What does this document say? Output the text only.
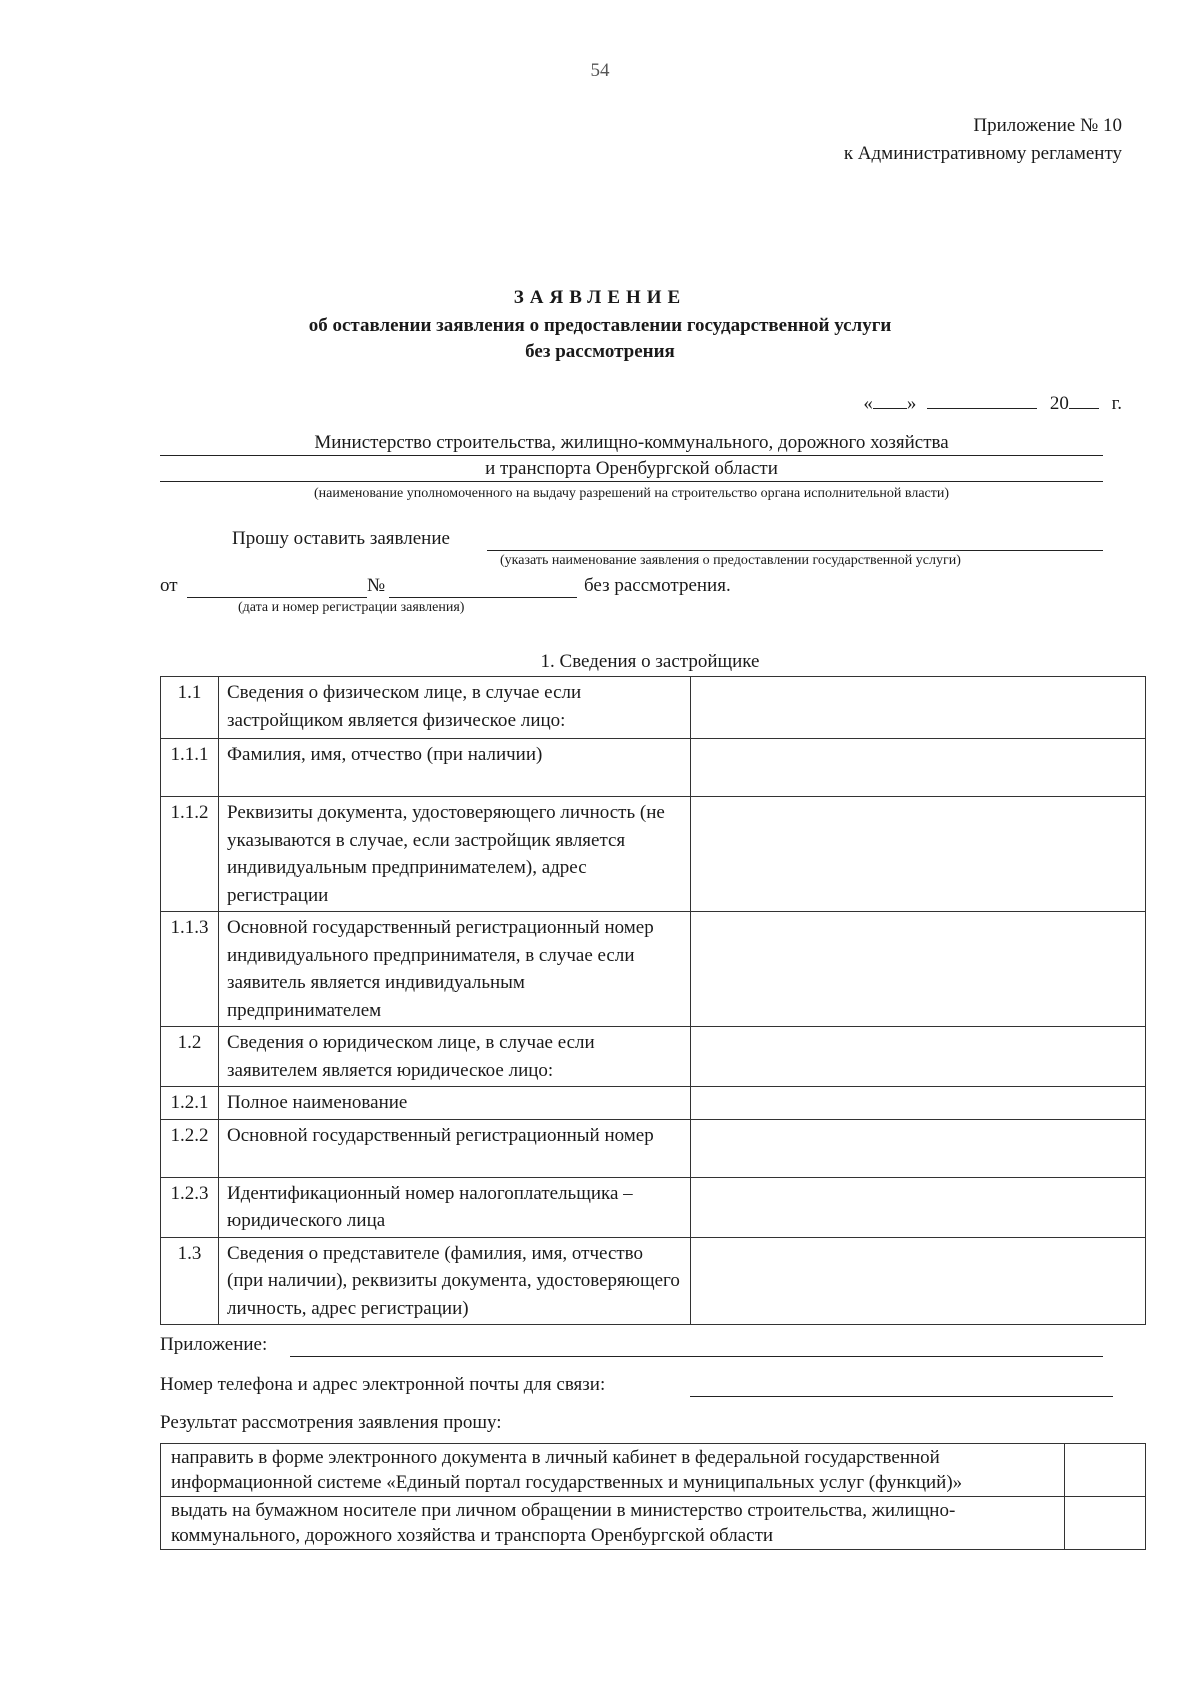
54
Приложение № 10
к Административному регламенту
ЗАЯВЛЕНИЕ
об оставлении заявления о предоставлении государственной услуги
без рассмотрения
« »	20 г.
Министерство строительства, жилищно-коммунального, дорожного хозяйства
и транспорта Оренбургской области
(наименование уполномоченного на выдачу разрешений на строительство органа исполнительной власти)
Прошу оставить заявление
(указать наименование заявления о предоставлении государственной услуги)
от	№	без рассмотрения.
(дата и номер регистрации заявления)
1. Сведения о застройщике
1.1	Сведения о физическом лице, в случае если застройщиком является физическое лицо:	
1.1.1	Фамилия, имя, отчество (при наличии)	
1.1.2	Реквизиты документа, удостоверяющего личность (не указываются в случае, если застройщик является индивидуальным предпринимателем), адрес регистрации	
1.1.3	Основной государственный регистрационный номер индивидуального предпринимателя, в случае если заявитель является индивидуальным предпринимателем	
1.2	Сведения о юридическом лице, в случае если заявителем является юридическое лицо:	
1.2.1	Полное наименование	
1.2.2	Основной государственный регистрационный номер	
1.2.3	Идентификационный номер налогоплательщика – юридического лица	
1.3	Сведения о представителе (фамилия, имя, отчество (при наличии), реквизиты документа, удостоверяющего личность, адрес регистрации)	
Приложение:
Номер телефона и адрес электронной почты для связи:
Результат рассмотрения заявления прошу:
направить в форме электронного документа в личный кабинет в федеральной государственной информационной системе «Единый портал государственных и муниципальных услуг (функций)»	
выдать на бумажном носителе при личном обращении в министерство строительства, жилищно-коммунального, дорожного хозяйства и транспорта Оренбургской области	
